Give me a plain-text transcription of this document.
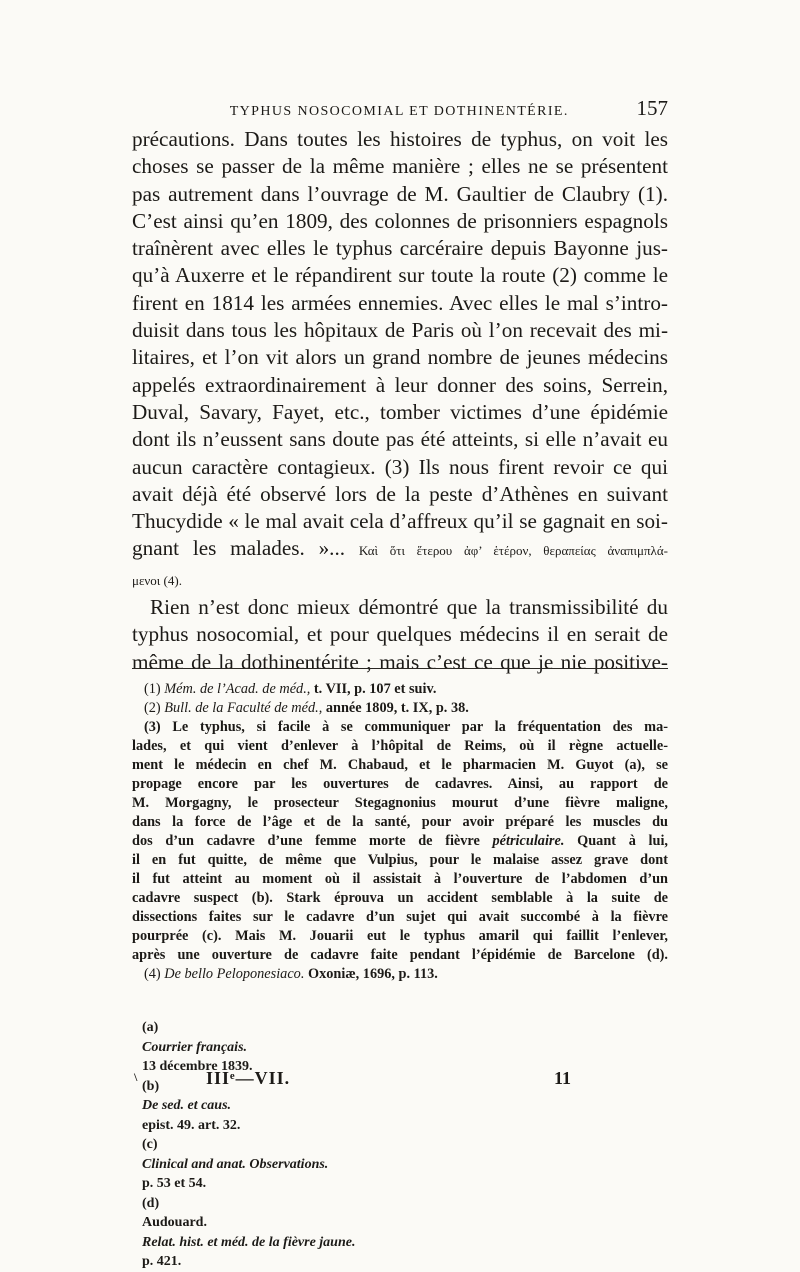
TYPHUS NOSOCOMIAL ET DOTHINENTÉRIE.	157
précautions. Dans toutes les histoires de typhus, on voit les
choses se passer de la même manière ; elles ne se présentent
pas autrement dans l’ouvrage de M. Gaultier de Claubry (1).
C’est ainsi qu’en 1809, des colonnes de prisonniers espagnols
traînèrent avec elles le typhus carcéraire depuis Bayonne jus-
qu’à Auxerre et le répandirent sur toute la route (2) comme le
firent en 1814 les armées ennemies. Avec elles le mal s’intro-
duisit dans tous les hôpitaux de Paris où l’on recevait des mi-
litaires, et l’on vit alors un grand nombre de jeunes médecins
appelés extraordinairement à leur donner des soins, Serrein,
Duval, Savary, Fayet, etc., tomber victimes d’une épidémie
dont ils n’eussent sans doute pas été atteints, si elle n’avait eu
aucun caractère contagieux. (3) Ils nous firent revoir ce qui
avait déjà été observé lors de la peste d’Athènes en suivant
Thucydide « le mal avait cela d’affreux qu’il se gagnait en soi-
gnant les malades. »... Καὶ ὅτι ἕτερου ἀφ’ ἑτέρον, θεραπείας ἀναπιμπλά-
μενοι (4).
Rien n’est donc mieux démontré que la transmissibilité du
typhus nosocomial, et pour quelques médecins il en serait de
même de la dothinentérite ; mais c’est ce que je nie positive-
(1) Mém. de l’Acad. de méd., t. VII, p. 107 et suiv.
(2) Bull. de la Faculté de méd., année 1809, t. IX, p. 38.
(3) Le typhus, si facile à se communiquer par la fréquentation des ma-
lades, et qui vient d’enlever à l’hôpital de Reims, où il règne actuelle-
ment le médecin en chef M. Chabaud, et le pharmacien M. Guyot (a), se
propage encore par les ouvertures de cadavres. Ainsi, au rapport de
M. Morgagny, le prosecteur Stegagnonius mourut d’une fièvre maligne,
dans la force de l’âge et de la santé, pour avoir préparé les muscles du
dos d’un cadavre d’une femme morte de fièvre pétriculaire. Quant à lui,
il en fut quitte, de même que Vulpius, pour le malaise assez grave dont
il fut atteint au moment où il assistait à l’ouverture de l’abdomen d’un
cadavre suspect (b). Stark éprouva un accident semblable à la suite de
dissections faites sur le cadavre d’un sujet qui avait succombé à la fièvre
pourprée (c). Mais M. Jouarii eut le typhus amaril qui faillit l’enlever,
après une ouverture de cadavre faite pendant l’épidémie de Barcelone (d).
(4) De bello Peloponesiaco. Oxoniæ, 1696, p. 113.
(a)
Courrier français.
13 décembre 1839.
(b)
De sed. et caus.
epist. 49. art. 32.
(c)
Clinical and anat. Observations.
p. 53 et 54.
(d)
Audouard.
Relat. hist. et méd. de la fièvre jaune.
p. 421.
\	IIIᵉ—VII.	11
